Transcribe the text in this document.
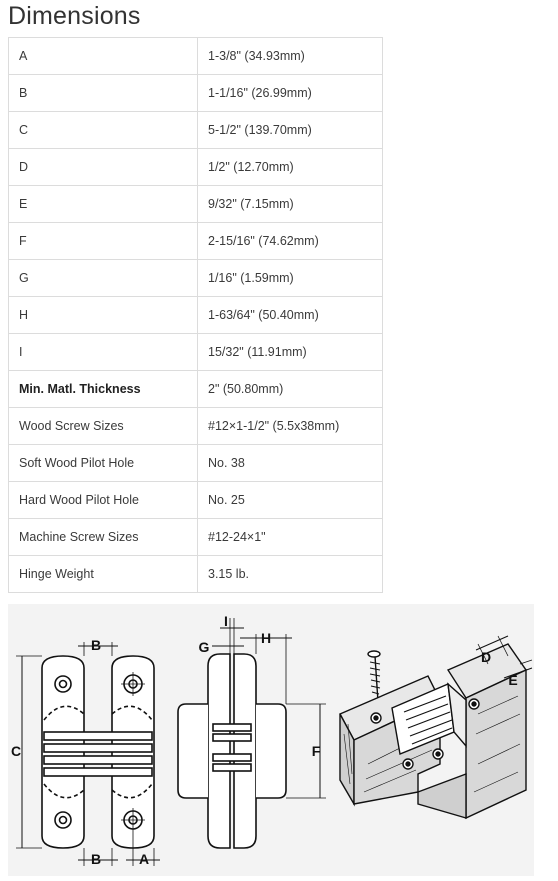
Dimensions
A	1-3/8" (34.93mm)
B	1-1/16" (26.99mm)
C	5-1/2" (139.70mm)
D	1/2" (12.70mm)
E	9/32" (7.15mm)
F	2-15/16" (74.62mm)
G	1/16" (1.59mm)
H	1-63/64" (50.40mm)
I	15/32" (11.91mm)
Min. Matl. Thickness	2" (50.80mm)
Wood Screw Sizes	#12×1-1/2" (5.5x38mm)
Soft Wood Pilot Hole	No. 38
Hard Wood Pilot Hole	No. 25
Machine Screw Sizes	#12-24×1"
Hinge Weight	3.15 lb.
B
C
B	A
I
G
H
F
D
E
